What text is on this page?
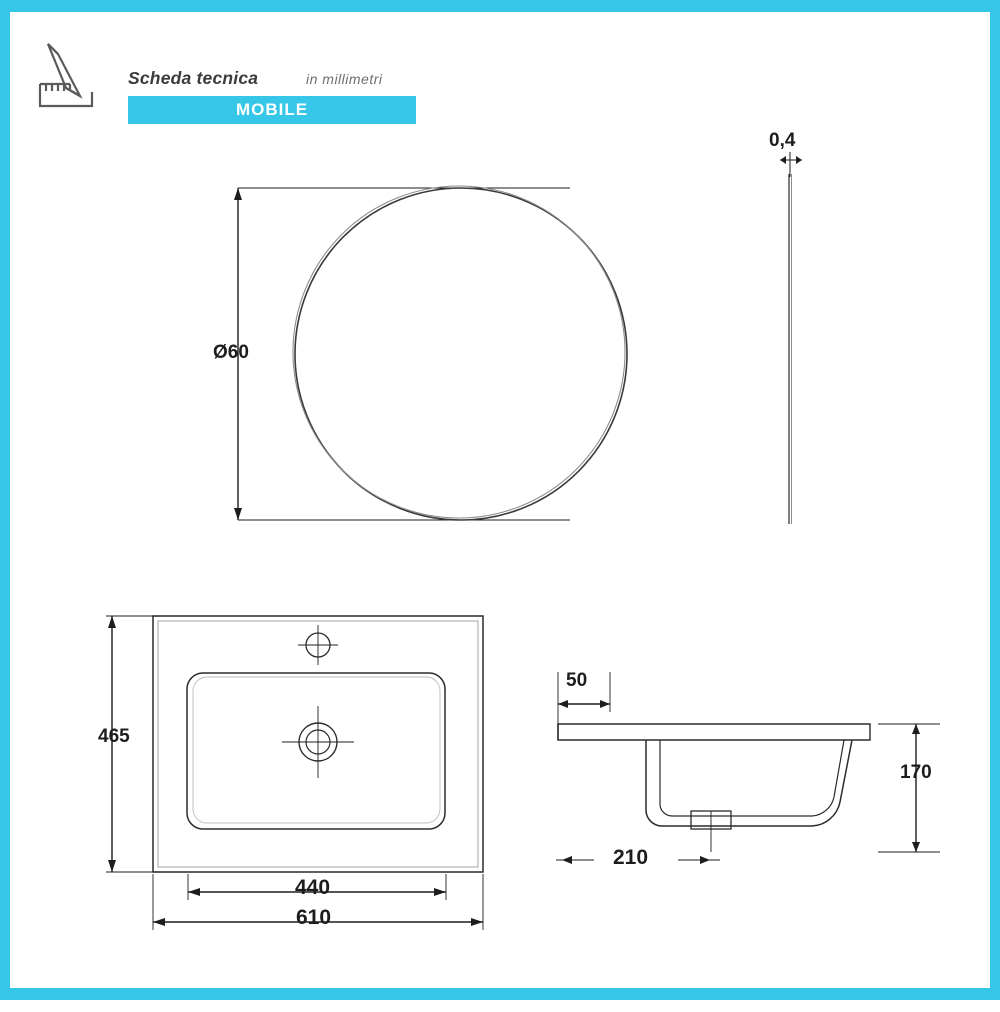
Scheda tecnica	in millimetri
MOBILE
Ø60
0,4
465
440
610
50
170
210
